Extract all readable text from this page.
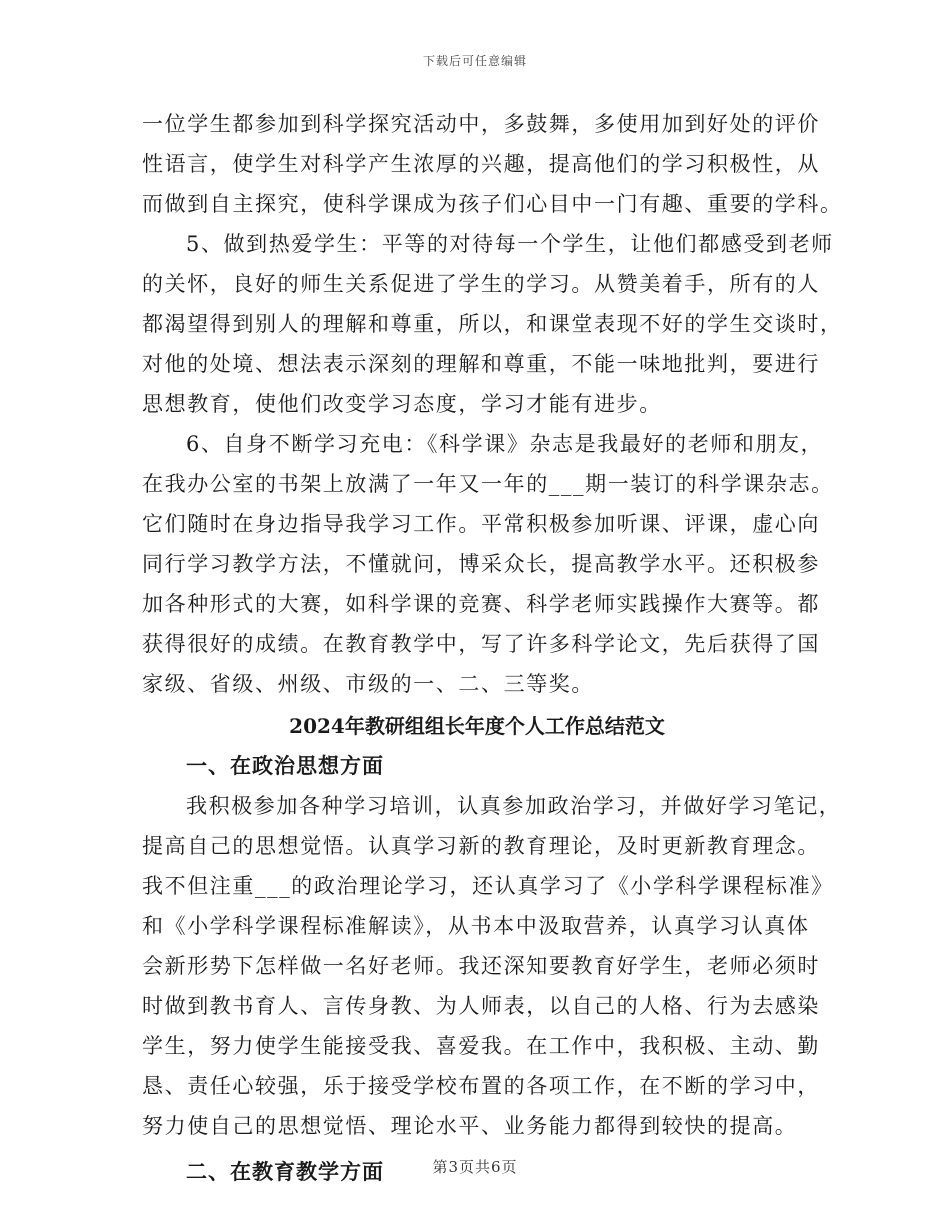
下载后可任意编辑
一位学生都参加到科学探究活动中，多鼓舞，多使用加到好处的评价
性语言，使学生对科学产生浓厚的兴趣，提高他们的学习积极性，从
而做到自主探究，使科学课成为孩子们心目中一门有趣、重要的学科。
5、做到热爱学生：平等的对待每一个学生，让他们都感受到老师
的关怀，良好的师生关系促进了学生的学习。从赞美着手，所有的人
都渴望得到别人的理解和尊重，所以，和课堂表现不好的学生交谈时，
对他的处境、想法表示深刻的理解和尊重，不能一味地批判，要进行
思想教育，使他们改变学习态度，学习才能有进步。
6、自身不断学习充电：《科学课》杂志是我最好的老师和朋友，
在我办公室的书架上放满了一年又一年的___期一装订的科学课杂志。
它们随时在身边指导我学习工作。平常积极参加听课、评课，虚心向
同行学习教学方法，不懂就问，博采众长，提高教学水平。还积极参
加各种形式的大赛，如科学课的竞赛、科学老师实践操作大赛等。都
获得很好的成绩。在教育教学中，写了许多科学论文，先后获得了国
家级、省级、州级、市级的一、二、三等奖。
2024年教研组组长年度个人工作总结范文
一、在政治思想方面
我积极参加各种学习培训，认真参加政治学习，并做好学习笔记，
提高自己的思想觉悟。认真学习新的教育理论，及时更新教育理念。
我不但注重___的政治理论学习，还认真学习了《小学科学课程标准》
和《小学科学课程标准解读》，从书本中汲取营养，认真学习认真体
会新形势下怎样做一名好老师。我还深知要教育好学生，老师必须时
时做到教书育人、言传身教、为人师表，以自己的人格、行为去感染
学生，努力使学生能接受我、喜爱我。在工作中，我积极、主动、勤
恳、责任心较强，乐于接受学校布置的各项工作，在不断的学习中，
努力使自己的思想觉悟、理论水平、业务能力都得到较快的提高。
二、在教育教学方面	第3页共6页
